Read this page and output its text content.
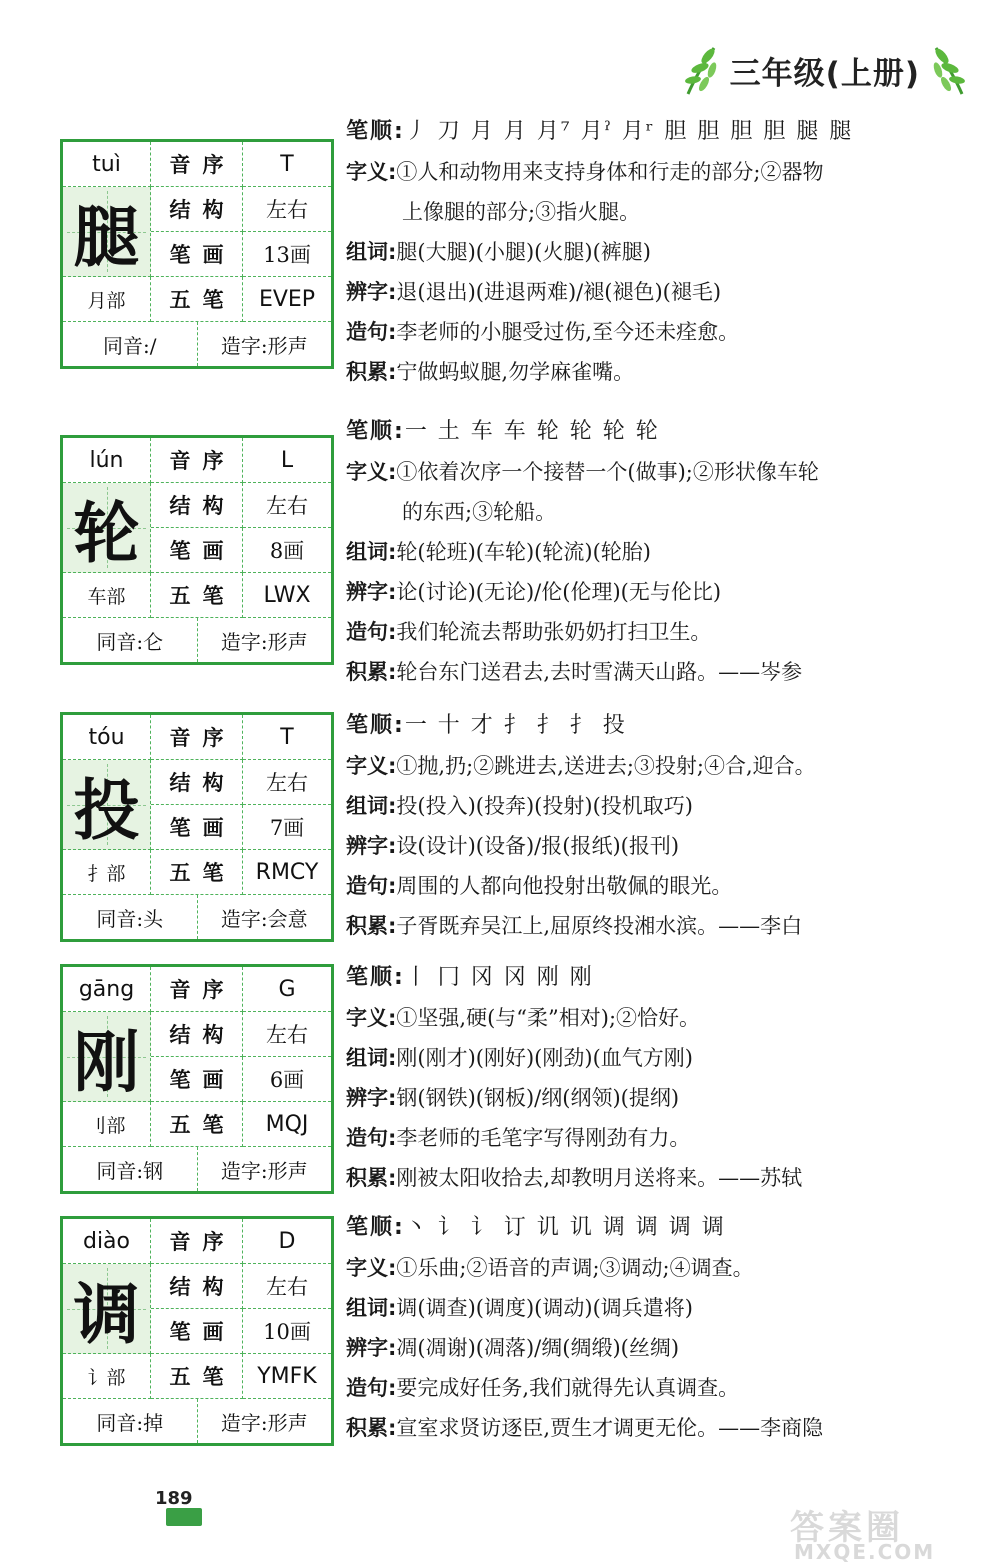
三年级(上册)
tuì	音序	T
腿	结构	左右
笔画	13画
月部	五笔	EVEP
同音:/	造字:形声
笔顺:丿 刀 月 月 月⁷ 月ˀ 月ʳ 胆 胆 胆 胆 腿 腿
字义:①人和动物用来支持身体和行走的部分;②器物
上像腿的部分;③指火腿。
组词:腿(大腿)(小腿)(火腿)(裤腿)
辨字:退(退出)(进退两难)/褪(褪色)(褪毛)
造句:李老师的小腿受过伤,至今还未痊愈。
积累:宁做蚂蚁腿,勿学麻雀嘴。
lún	音序	L
轮	结构	左右
笔画	8画
车部	五笔	LWX
同音:仑	造字:形声
笔顺:一 土 车 车 轮 轮 轮 轮
字义:①依着次序一个接替一个(做事);②形状像车轮
的东西;③轮船。
组词:轮(轮班)(车轮)(轮流)(轮胎)
辨字:论(讨论)(无论)/伦(伦理)(无与伦比)
造句:我们轮流去帮助张奶奶打扫卫生。
积累:轮台东门送君去,去时雪满天山路。——岑参
tóu	音序	T
投	结构	左右
笔画	7画
扌部	五笔 RMCY
同音:头	造字:会意
笔顺:一 十 才 扌 扌 扌 投
字义:①抛,扔;②跳进去,送进去;③投射;④合,迎合。
组词:投(投入)(投奔)(投射)(投机取巧)
辨字:设(设计)(设备)/报(报纸)(报刊)
造句:周围的人都向他投射出敬佩的眼光。
积累:子胥既弃吴江上,屈原终投湘水滨。——李白
gāng	音序	G
刚	结构	左右
笔画	6画
刂部	五笔	MQJ
同音:钢	造字:形声
笔顺:丨 冂 冈 冈 刚 刚
字义:①坚强,硬(与“柔”相对);②恰好。
组词:刚(刚才)(刚好)(刚劲)(血气方刚)
辨字:钢(钢铁)(钢板)/纲(纲领)(提纲)
造句:李老师的毛笔字写得刚劲有力。
积累:刚被太阳收拾去,却教明月送将来。——苏轼
diào	音序	D
调	结构	左右
笔画	10画
讠部	五笔 YMFK
同音:掉	造字:形声
笔顺:丶 讠 讠 订 讥 讥 调 调 调 调
字义:①乐曲;②语音的声调;③调动;④调查。
组词:调(调查)(调度)(调动)(调兵遣将)
辨字:凋(凋谢)(凋落)/绸(绸缎)(丝绸)
造句:要完成好任务,我们就得先认真调查。
积累:宣室求贤访逐臣,贾生才调更无伦。——李商隐
189
答案圈
MXQE.COM
